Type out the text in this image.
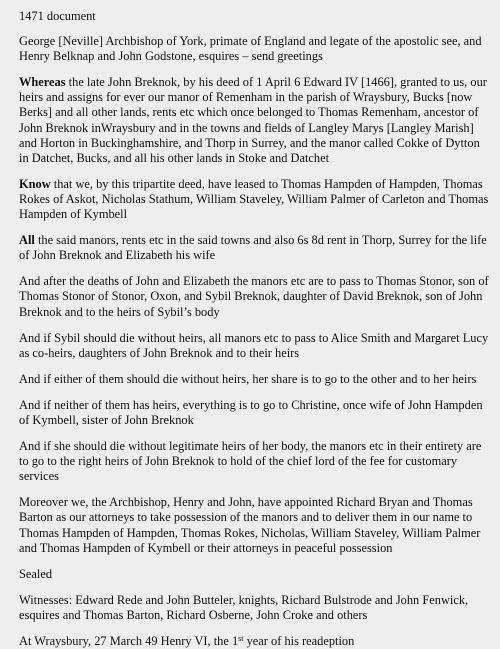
1471 document

George [Neville] Archbishop of York, primate of England and legate of the apostolic see, and Henry Belknap and John Godstone, esquires – send greetings

Whereas the late John Breknok, by his deed of 1 April 6 Edward IV [1466], granted to us, our heirs and assigns for ever our manor of Remenham in the parish of Wraysbury, Bucks [now Berks] and all other lands, rents etc which once belonged to Thomas Remenham, ancestor of John Breknok inWraysbury and in the towns and fields of Langley Marys [Langley Marish] and Horton in Buckinghamshire, and Thorp in Surrey, and the manor called Cokke of Dytton in Datchet, Bucks, and all his other lands in Stoke and Datchet

Know that we, by this tripartite deed, have leased to Thomas Hampden of Hampden, Thomas Rokes of Askot, Nicholas Stathum, William Staveley, William Palmer of Carleton and Thomas Hampden of Kymbell

All the said manors, rents etc in the said towns and also 6s 8d rent in Thorp, Surrey for the life of John Breknok and Elizabeth his wife

And after the deaths of John and Elizabeth the manors etc are to pass to Thomas Stonor, son of Thomas Stonor of Stonor, Oxon, and Sybil Breknok, daughter of David Breknok, son of John Breknok and to the heirs of Sybil’s body

And if Sybil should die without heirs, all manors etc to pass to Alice Smith and Margaret Lucy as co-heirs, daughters of John Breknok and to their heirs

And if either of them should die without heirs, her share is to go to the other and to her heirs

And if neither of them has heirs, everything is to go to Christine, once wife of John Hampden of Kymbell, sister of John Breknok

And if she should die without legitimate heirs of her body, the manors etc in their entirety are to go to the right heirs of John Breknok to hold of the chief lord of the fee for customary services

Moreover we, the Archbishop, Henry and John, have appointed Richard Bryan and Thomas Barton as our attorneys to take possession of the manors and to deliver them in our name to Thomas Hampden of Hampden, Thomas Rokes, Nicholas, William Staveley, William Palmer and Thomas Hampden of Kymbell or their attorneys in peaceful possession

Sealed

Witnesses: Edward Rede and John Butteler, knights, Richard Bulstrode and John Fenwick, esquires and Thomas Barton, Richard Osberne, John Croke and others

At Wraysbury, 27 March 49 Henry VI, the 1st year of his readeption
